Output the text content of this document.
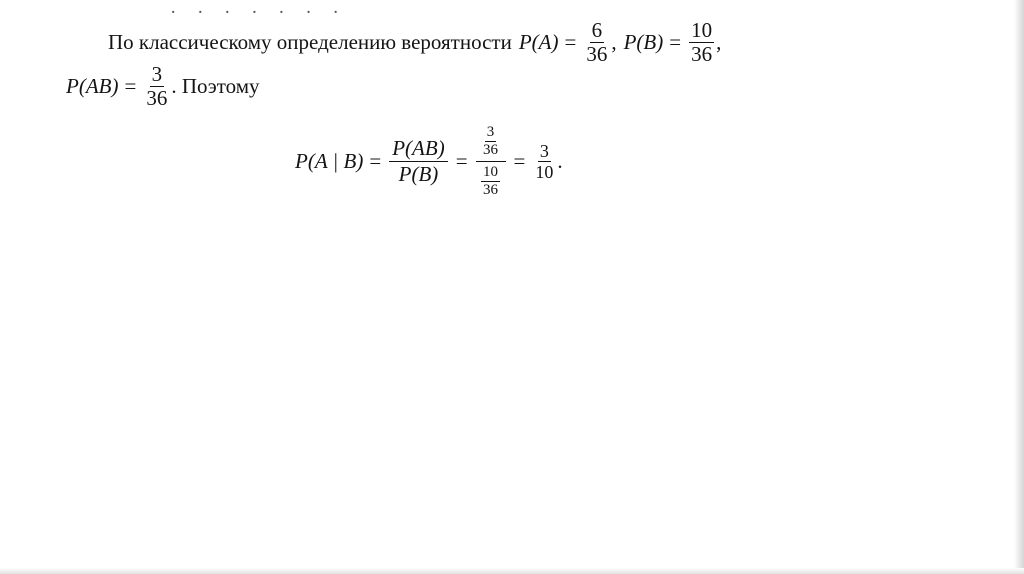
По классическому определению вероятности $P(A) = \frac{6}{36}$ , $P(B) = \frac{10}{36}$ ,
$P(AB) = \frac{3}{36}$ . Поэтому
P(A | $B) = \frac{P(AB)}{P(B)}$ =
$\frac{3}{36}$
$\frac{10}{36}$
= $\frac{3}{10}$ .
